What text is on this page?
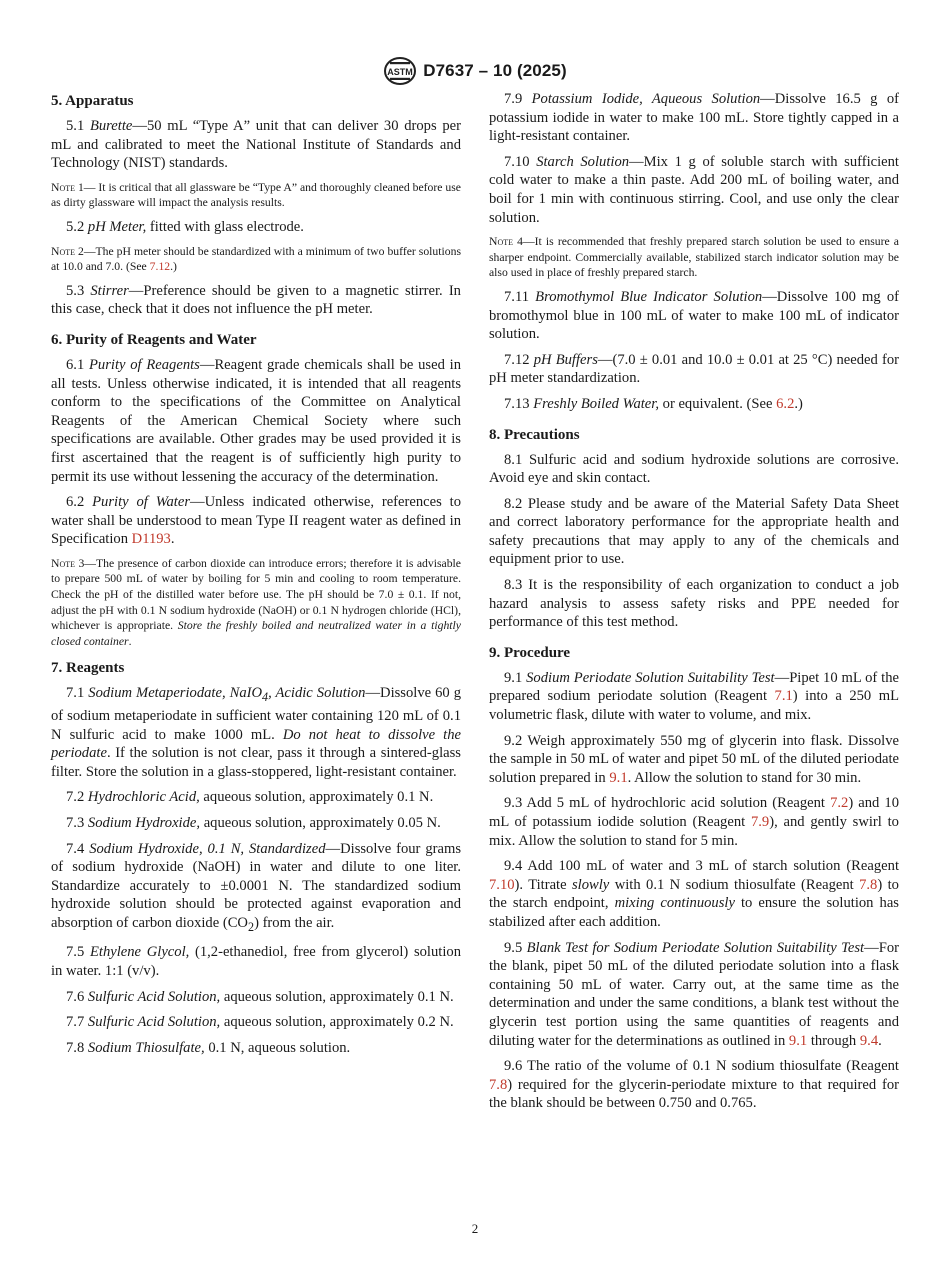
ASTM D7637 – 10 (2025)
5. Apparatus

5.1 Burette—50 mL “Type A” unit that can deliver 30 drops per mL and calibrated to meet the National Institute of Standards and Technology (NIST) standards.

Note 1— It is critical that all glassware be “Type A” and thoroughly cleaned before use as dirty glassware will impact the analysis results.

5.2 pH Meter, fitted with glass electrode.

Note 2—The pH meter should be standardized with a minimum of two buffer solutions at 10.0 and 7.0. (See 7.12.)

5.3 Stirrer—Preference should be given to a magnetic stirrer. In this case, check that it does not influence the pH meter.

6. Purity of Reagents and Water

6.1 Purity of Reagents—Reagent grade chemicals shall be used in all tests. Unless otherwise indicated, it is intended that all reagents conform to the specifications of the Committee on Analytical Reagents of the American Chemical Society where such specifications are available. Other grades may be used provided it is first ascertained that the reagent is of sufficiently high purity to permit its use without lessening the accuracy of the determination.

6.2 Purity of Water—Unless indicated otherwise, references to water shall be understood to mean Type II reagent water as defined in Specification D1193.

Note 3—The presence of carbon dioxide can introduce errors; therefore it is advisable to prepare 500 mL of water by boiling for 5 min and cooling to room temperature. Check the pH of the distilled water before use. The pH should be 7.0 ± 0.1. If not, adjust the pH with 0.1 N sodium hydroxide (NaOH) or 0.1 N hydrogen chloride (HCl), whichever is appropriate. Store the freshly boiled and neutralized water in a tightly closed container.

7. Reagents

7.1 Sodium Metaperiodate, NaIO$_4$, Acidic Solution—Dissolve 60 g of sodium metaperiodate in sufficient water containing 120 mL of 0.1 N sulfuric acid to make 1000 mL. Do not heat to dissolve the periodate. If the solution is not clear, pass it through a sintered-glass filter. Store the solution in a glass-stoppered, light-resistant container.

7.2 Hydrochloric Acid, aqueous solution, approximately 0.1 N.

7.3 Sodium Hydroxide, aqueous solution, approximately 0.05 N.

7.4 Sodium Hydroxide, 0.1 N, Standardized—Dissolve four grams of sodium hydroxide (NaOH) in water and dilute to one liter. Standardize accurately to ±0.0001 N. The standardized sodium hydroxide solution should be protected against evaporation and absorption of carbon dioxide $(CO_2)$ from the air.

7.5 Ethylene Glycol, (1,2-ethanediol, free from glycerol) solution in water. 1:1 (v/v).

7.6 Sulfuric Acid Solution, aqueous solution, approximately 0.1 N.

7.7 Sulfuric Acid Solution, aqueous solution, approximately 0.2 N.

7.8 Sodium Thiosulfate, 0.1 N, aqueous solution.

7.9 Potassium Iodide, Aqueous Solution—Dissolve 16.5 g of potassium iodide in water to make 100 mL. Store tightly capped in a light-resistant container.

7.10 Starch Solution—Mix 1 g of soluble starch with sufficient cold water to make a thin paste. Add 200 mL of boiling water, and boil for 1 min with continuous stirring. Cool, and use only the clear solution.

Note 4—It is recommended that freshly prepared starch solution be used to ensure a sharper endpoint. Commercially available, stabilized starch indicator solution may be also used in place of freshly prepared starch.

7.11 Bromothymol Blue Indicator Solution—Dissolve 100 mg of bromothymol blue in 100 mL of water to make 100 mL of indicator solution.

7.12 pH Buffers—(7.0 ± 0.01 and 10.0 ± 0.01 at 25 °C) needed for pH meter standardization.

7.13 Freshly Boiled Water, or equivalent. (See 6.2.)

8. Precautions

8.1 Sulfuric acid and sodium hydroxide solutions are corrosive. Avoid eye and skin contact.

8.2 Please study and be aware of the Material Safety Data Sheet and correct laboratory performance for the appropriate health and safety precautions that may apply to any of the chemicals and equipment prior to use.

8.3 It is the responsibility of each organization to conduct a job hazard analysis to assess safety risks and PPE needed for performance of this test method.

9. Procedure

9.1 Sodium Periodate Solution Suitability Test—Pipet 10 mL of the prepared sodium periodate solution (Reagent 7.1) into a 250 mL volumetric flask, dilute with water to volume, and mix.

9.2 Weigh approximately 550 mg of glycerin into flask. Dissolve the sample in 50 mL of water and pipet 50 mL of the diluted periodate solution prepared in 9.1. Allow the solution to stand for 30 min.

9.3 Add 5 mL of hydrochloric acid solution (Reagent 7.2) and 10 mL of potassium iodide solution (Reagent 7.9), and gently swirl to mix. Allow the solution to stand for 5 min.

9.4 Add 100 mL of water and 3 mL of starch solution (Reagent 7.10). Titrate slowly with 0.1 N sodium thiosulfate (Reagent 7.8) to the starch endpoint, mixing continuously to ensure the solution has stabilized after each addition.

9.5 Blank Test for Sodium Periodate Solution Suitability Test—For the blank, pipet 50 mL of the diluted periodate solution into a flask containing 50 mL of water. Carry out, at the same time as the determination and under the same conditions, a blank test without the glycerin test portion using the same quantities of reagents and diluting water for the determinations as outlined in 9.1 through 9.4.

9.6 The ratio of the volume of 0.1 N sodium thiosulfate (Reagent 7.8) required for the glycerin-periodate mixture to that required for the blank should be between 0.750 and 0.765.

2
